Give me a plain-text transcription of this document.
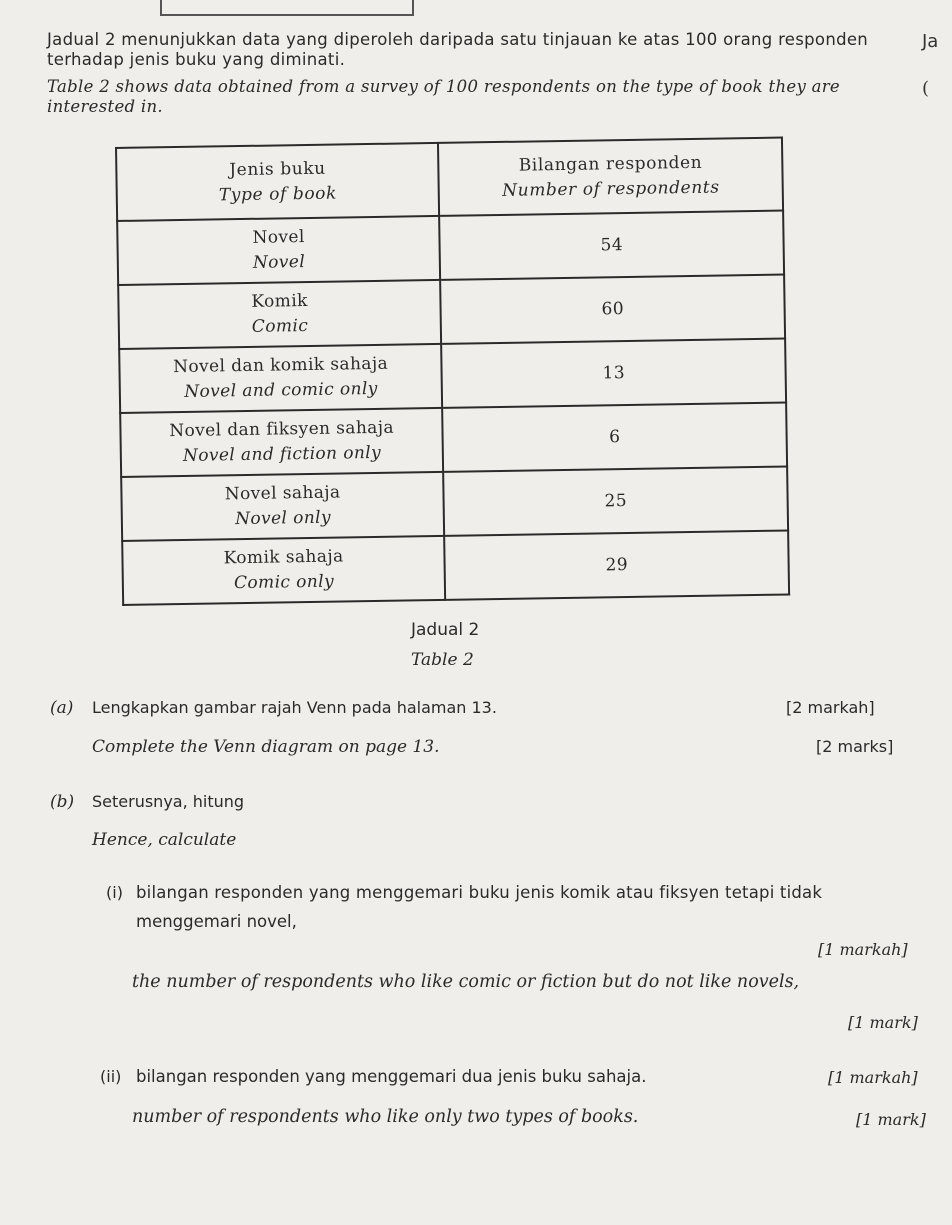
Jadual 2 menunjukkan data yang diperoleh daripada satu tinjauan ke atas 100 orang responden
terhadap jenis buku yang diminati.
Table 2 shows data obtained from a survey of 100 respondents on the type of book they are
interested in.
Ja
(
Jenis buku
Type of book	Bilangan responden
Number of respondents

Novel
Novel	54

Komik
Comic	60

Novel dan komik sahaja
Novel and comic only	13

Novel dan fiksyen sahaja
Novel and fiction only	6

Novel sahaja
Novel only	25

Komik sahaja
Comic only	29
Jadual 2
Table 2
(a) Lengkapkan gambar rajah Venn pada halaman 13.	[2 markah]
Complete the Venn diagram on page 13.	[2 marks]
(b) Seterusnya, hitung
Hence, calculate
(i) bilangan responden yang menggemari buku jenis komik atau fiksyen tetapi tidak
menggemari novel,
[1 markah]
the number of respondents who like comic or fiction but do not like novels,
[1 mark]
(ii) bilangan responden yang menggemari dua jenis buku sahaja.	[1 markah]
number of respondents who like only two types of books.	[1 mark]
